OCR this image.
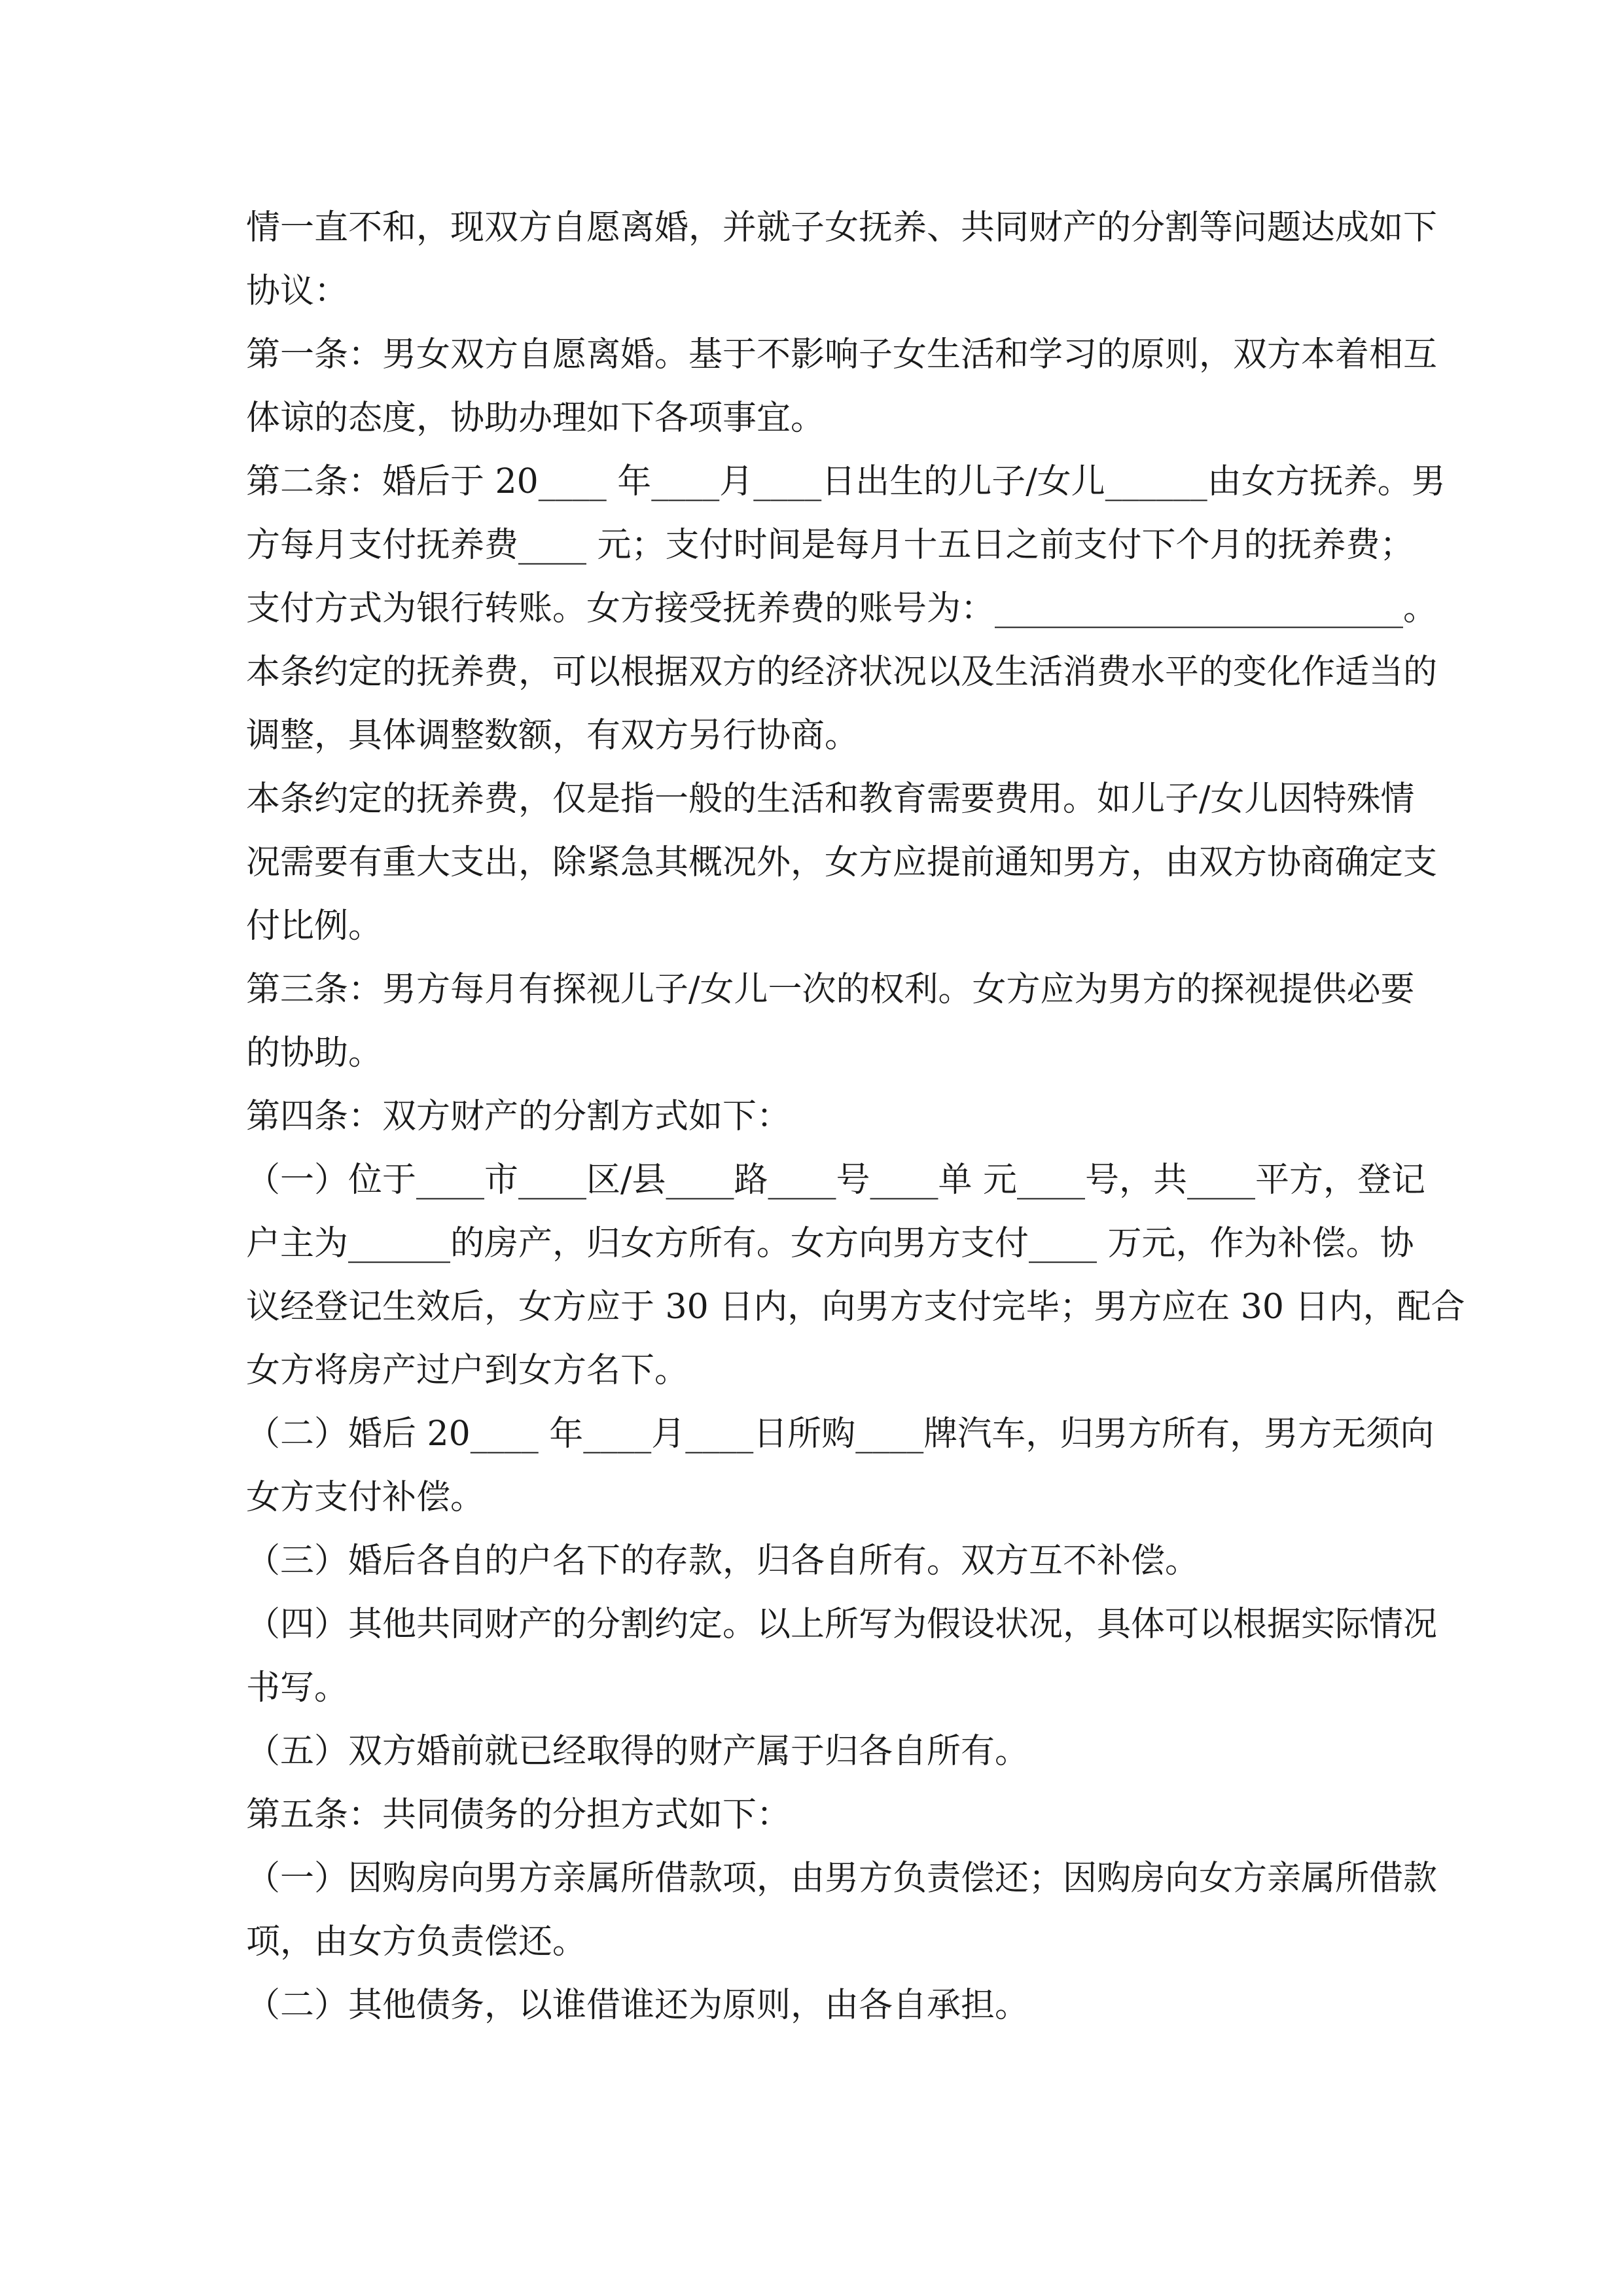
情一直不和，现双方自愿离婚，并就子女抚养、共同财产的分割等问题达成如下
协议：
第一条：男女双方自愿离婚。基于不影响子女生活和学习的原则，双方本着相互
体谅的态度，协助办理如下各项事宜。
第二条：婚后于 20____ 年____月____日出生的儿子/女儿______由女方抚养。男
方每月支付抚养费____ 元；支付时间是每月十五日之前支付下个月的抚养费；
支付方式为银行转账。女方接受抚养费的账号为：________________________。
本条约定的抚养费，可以根据双方的经济状况以及生活消费水平的变化作适当的
调整，具体调整数额，有双方另行协商。
本条约定的抚养费，仅是指一般的生活和教育需要费用。如儿子/女儿因特殊情
况需要有重大支出，除紧急其概况外，女方应提前通知男方，由双方协商确定支
付比例。
第三条：男方每月有探视儿子/女儿一次的权利。女方应为男方的探视提供必要
的协助。
第四条：双方财产的分割方式如下：
（一）位于____市____区/县____路____号____单 元____号，共____平方，登记
户主为______的房产，归女方所有。女方向男方支付____ 万元，作为补偿。协
议经登记生效后，女方应于 30 日内，向男方支付完毕；男方应在 30 日内，配合
女方将房产过户到女方名下。
（二）婚后 20____ 年____月____日所购____牌汽车，归男方所有，男方无须向
女方支付补偿。
（三）婚后各自的户名下的存款，归各自所有。双方互不补偿。
（四）其他共同财产的分割约定。以上所写为假设状况，具体可以根据实际情况
书写。
（五）双方婚前就已经取得的财产属于归各自所有。
第五条：共同债务的分担方式如下：
（一）因购房向男方亲属所借款项，由男方负责偿还；因购房向女方亲属所借款
项，由女方负责偿还。
（二）其他债务，以谁借谁还为原则，由各自承担。
